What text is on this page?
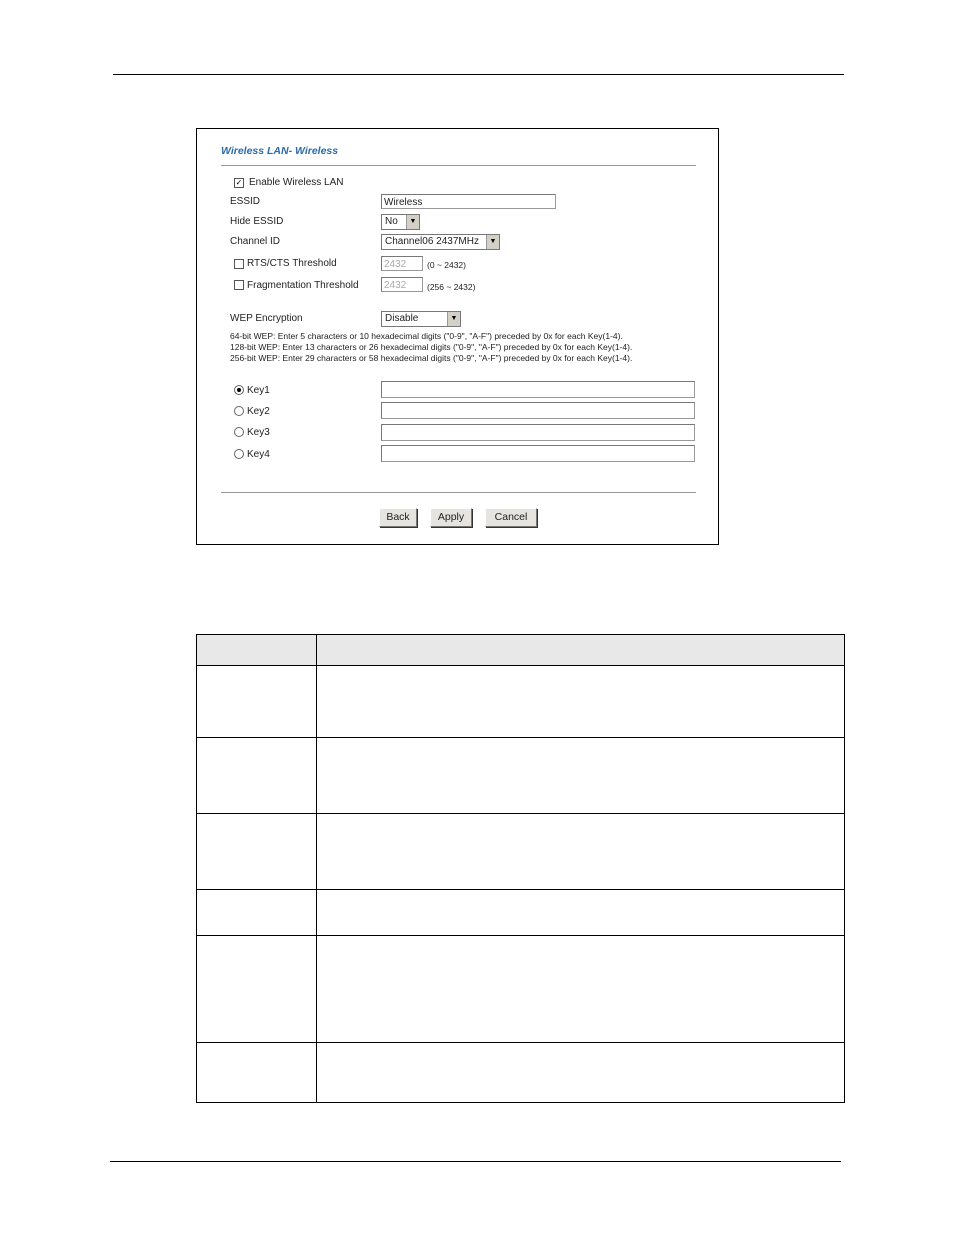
Wireless LAN- Wireless
✓ Enable Wireless LAN
ESSID	Wireless
Hide ESSID	No	▼
Channel ID	Channel06 2437MHz	▼
RTS/CTS Threshold	2432	(0 ~ 2432)
Fragmentation Threshold	2432	(256 ~ 2432)
WEP Encryption	Disable	▼
64-bit WEP: Enter 5 characters or 10 hexadecimal digits ("0-9", "A-F") preceded by 0x for each Key(1-4).
128-bit WEP: Enter 13 characters or 26 hexadecimal digits ("0-9", "A-F") preceded by 0x for each Key(1-4).
256-bit WEP: Enter 29 characters or 58 hexadecimal digits ("0-9", "A-F") preceded by 0x for each Key(1-4).
Key1
Key2
Key3
Key4
Back	Apply	Cancel
